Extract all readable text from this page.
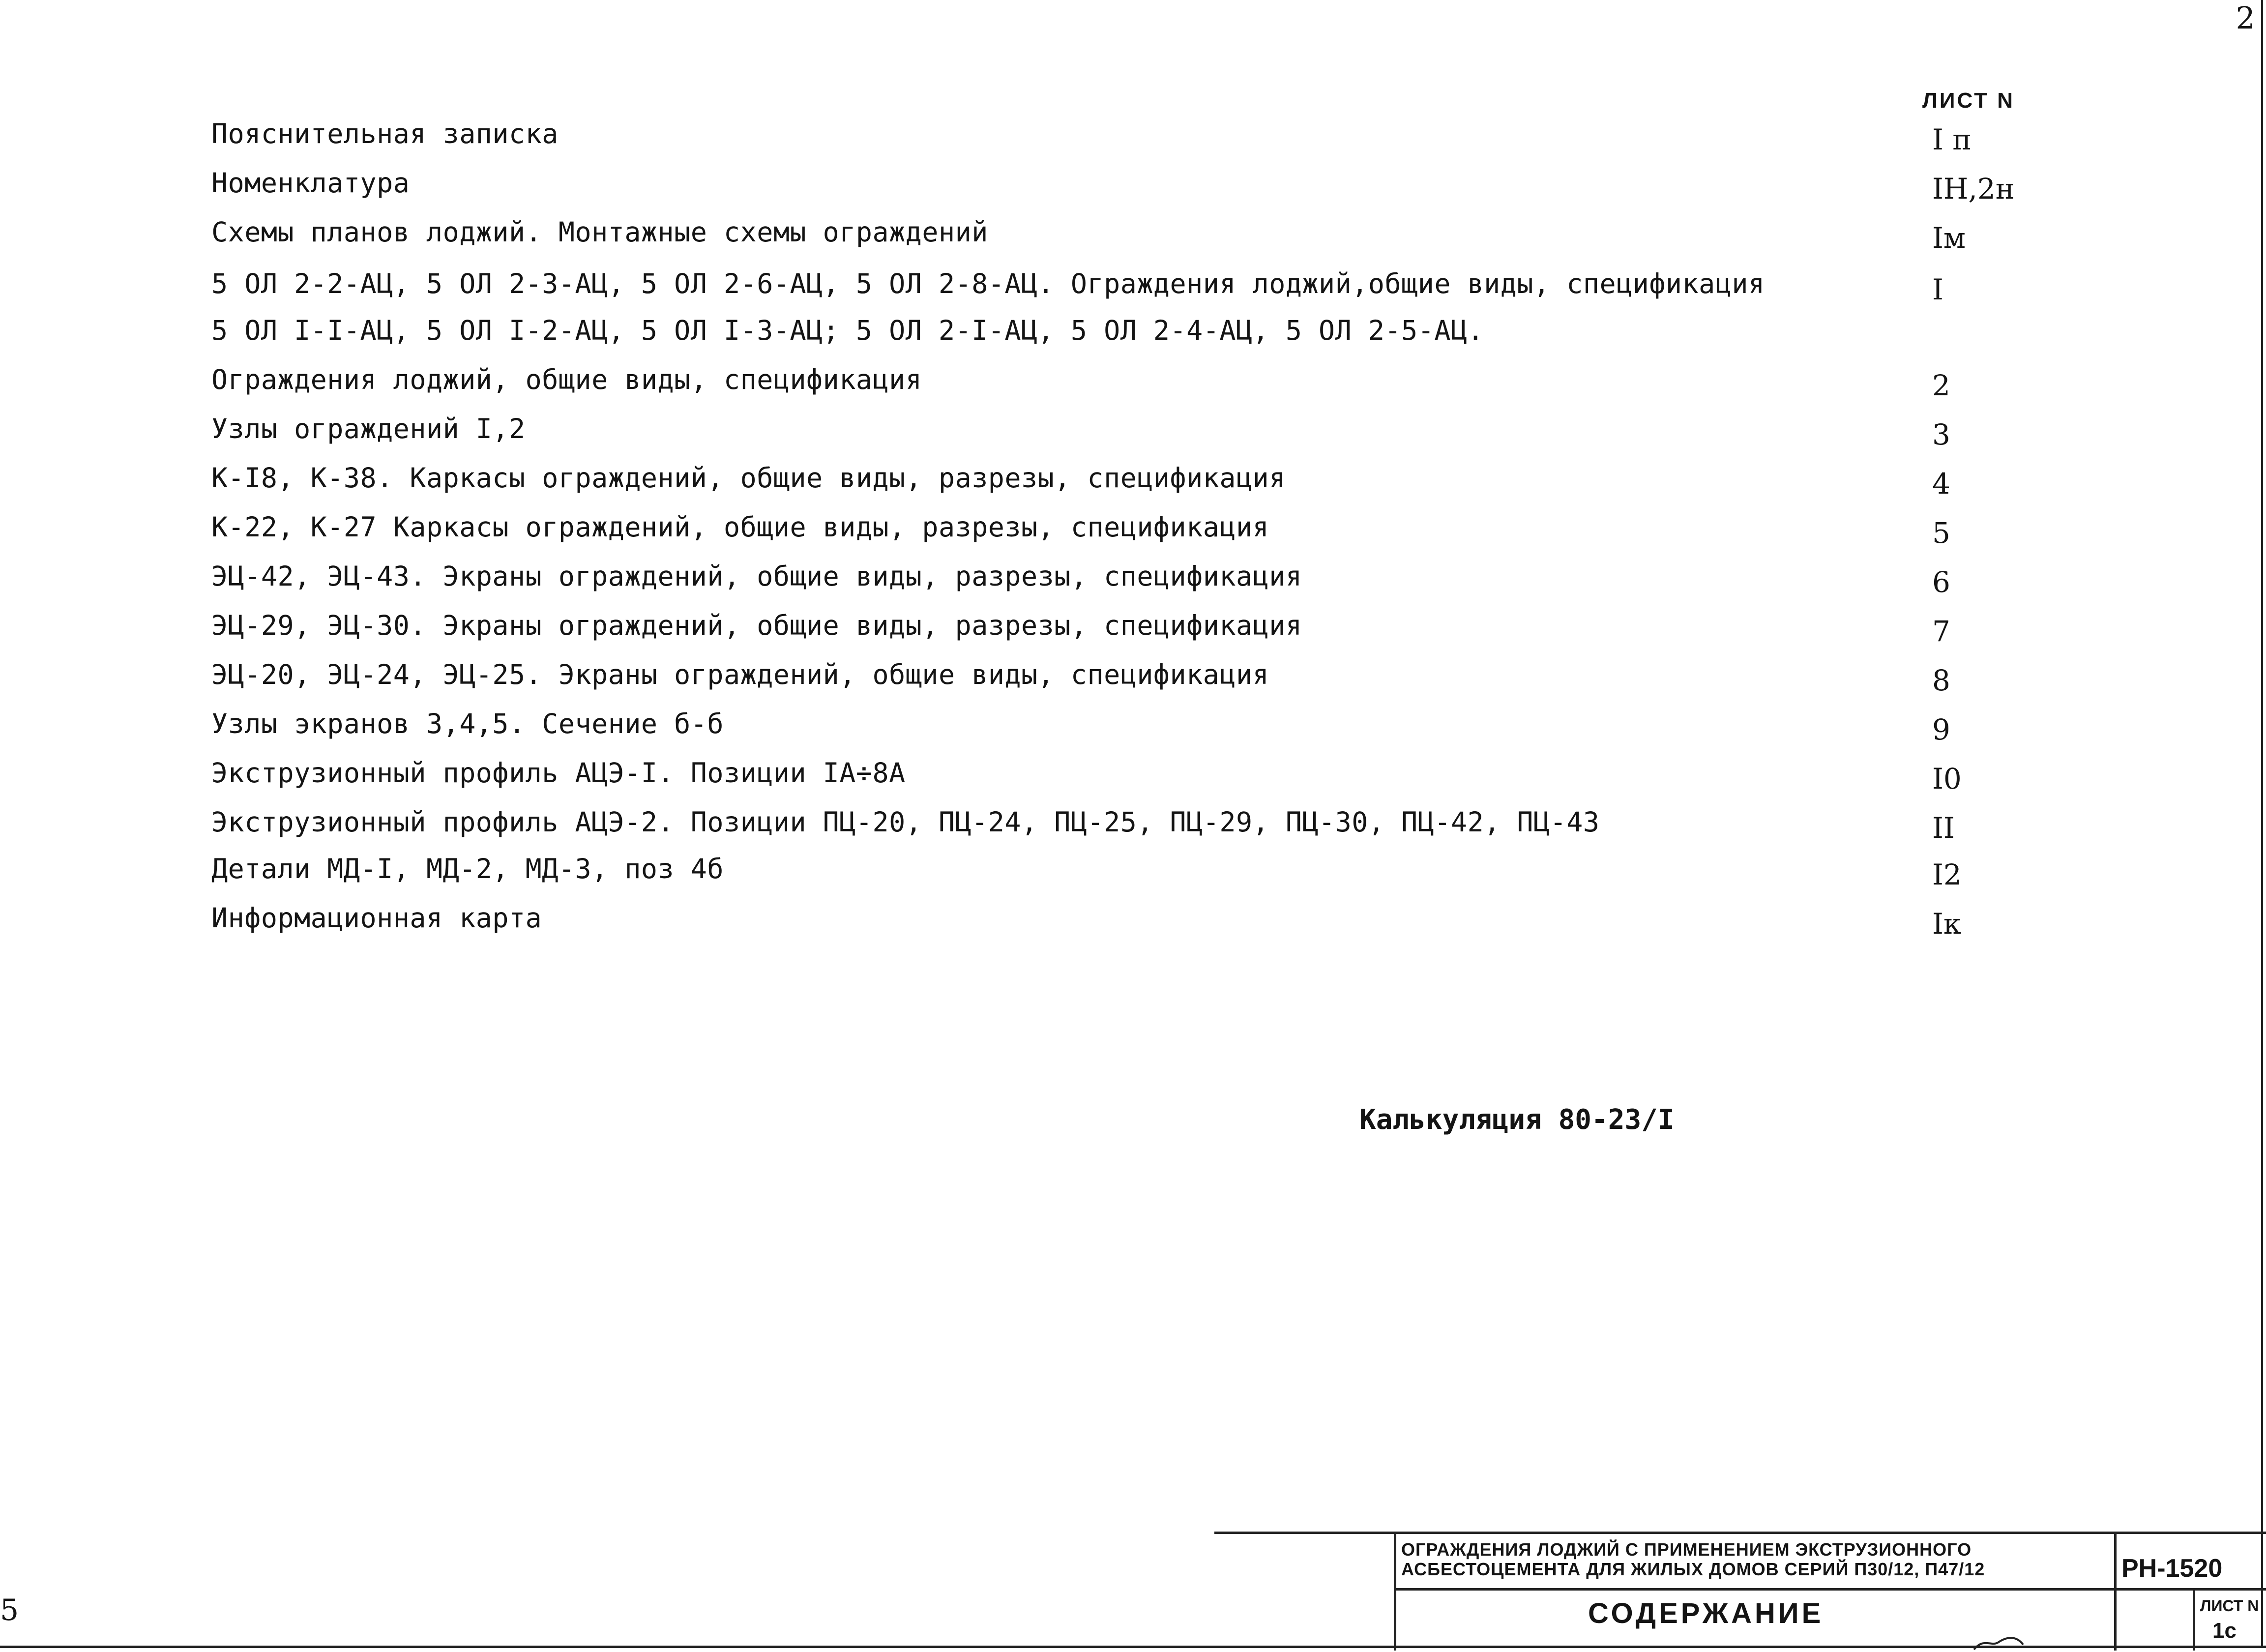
2
ЛИСТ N
Пояснительная записка	I п
Номенклатура	IН,2н
Схемы планов лоджий. Монтажные схемы ограждений	Iм
5 ОЛ 2-2-АЦ, 5 ОЛ 2-3-АЦ, 5 ОЛ 2-6-АЦ, 5 ОЛ 2-8-АЦ. Ограждения лоджий,общие виды, спецификация	I
5 ОЛ I-I-АЦ, 5 ОЛ I-2-АЦ, 5 ОЛ I-3-АЦ; 5 ОЛ 2-I-АЦ, 5 ОЛ 2-4-АЦ, 5 ОЛ 2-5-АЦ.
Ограждения лоджий, общие виды, спецификация	2
Узлы ограждений I,2	3
К-I8, К-38. Каркасы ограждений, общие виды, разрезы, спецификация	4
К-22, К-27 Каркасы ограждений, общие виды, разрезы, спецификация	5
ЭЦ-42, ЭЦ-43. Экраны ограждений, общие виды, разрезы, спецификация	6
ЭЦ-29, ЭЦ-30. Экраны ограждений, общие виды, разрезы, спецификация	7
ЭЦ-20, ЭЦ-24, ЭЦ-25. Экраны ограждений, общие виды, спецификация	8
Узлы экранов 3,4,5. Сечение б-б	9
Экструзионный профиль АЦЭ-I. Позиции IА÷8А	I0
Экструзионный профиль АЦЭ-2. Позиции ПЦ-20, ПЦ-24, ПЦ-25, ПЦ-29, ПЦ-30, ПЦ-42, ПЦ-43	II
Детали МД-I, МД-2, МД-3, поз 4б	I2
Информационная карта	Iк
Калькуляция 80-23/I
5
ОГРАЖДЕНИЯ ЛОДЖИЙ С ПРИМЕНЕНИЕМ ЭКСТРУЗИОННОГО
АСБЕСТОЦЕМЕНТА ДЛЯ ЖИЛЫХ ДОМОВ СЕРИЙ П30/12, П47/12	РН-1520
СОДЕРЖАНИЕ	ЛИСТ N
1с
